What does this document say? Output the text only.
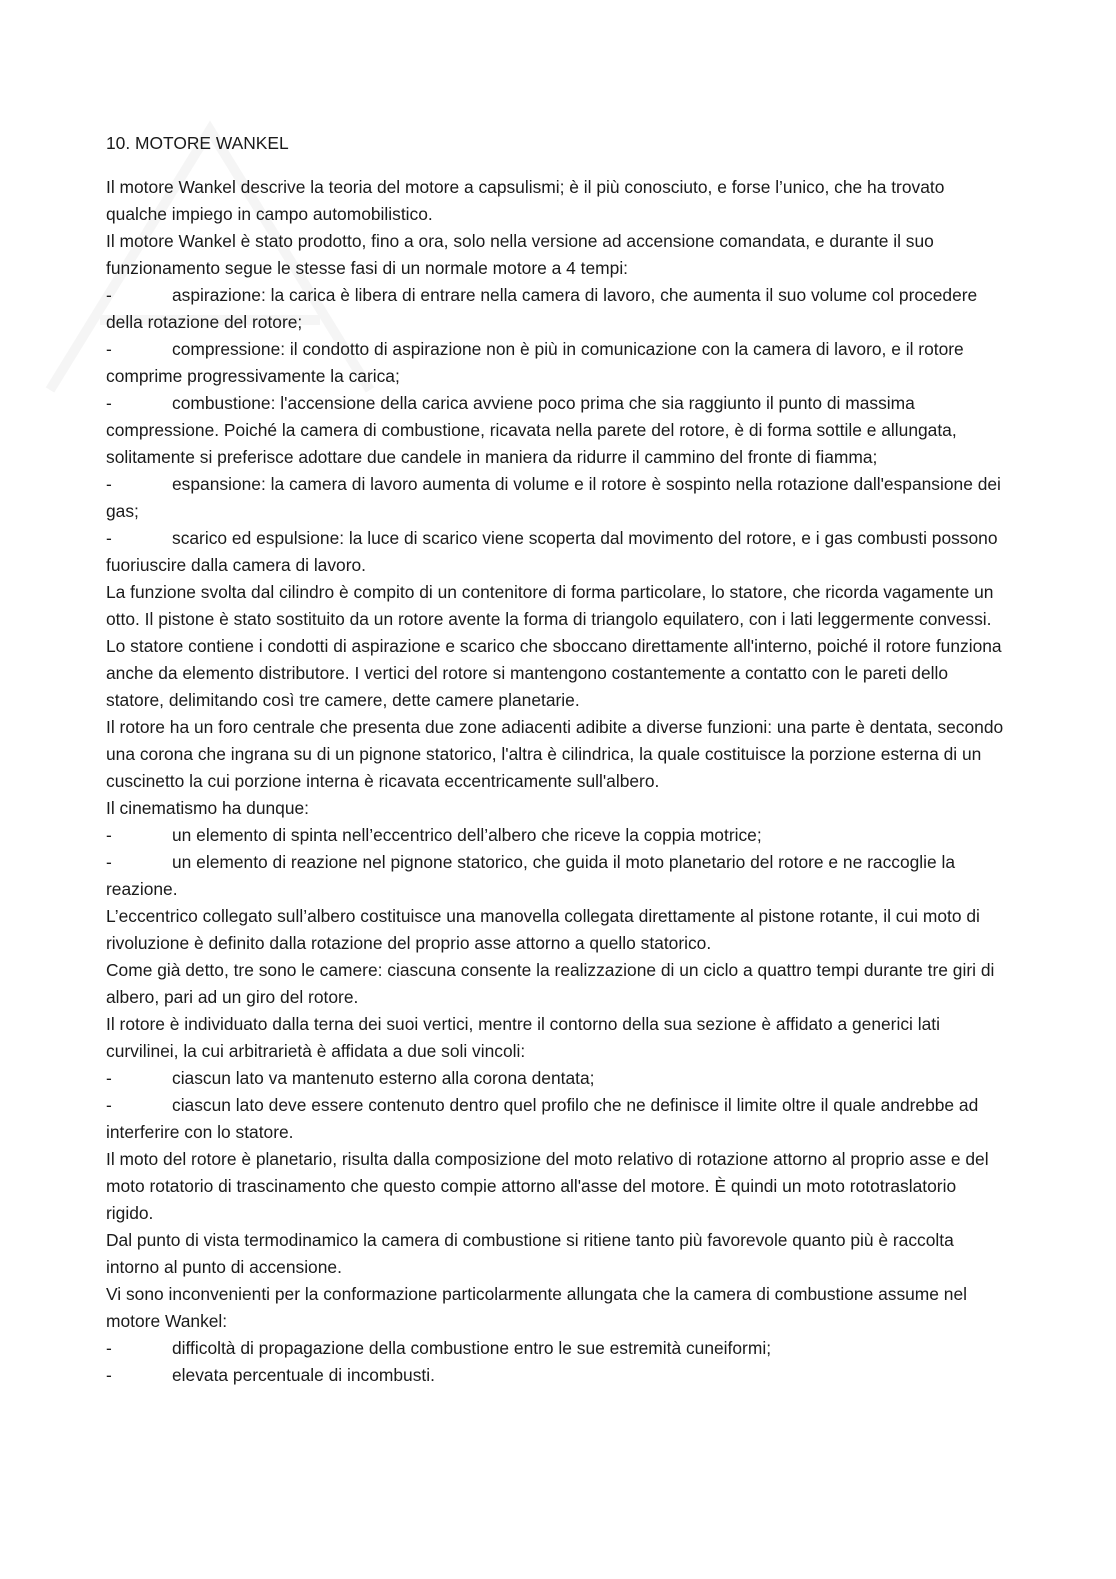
10. MOTORE WANKEL
Il motore Wankel descrive la teoria del motore a capsulismi; è il più conosciuto, e forse l’unico, che ha trovato qualche impiego in campo automobilistico.
Il motore Wankel è stato prodotto, fino a ora, solo nella versione ad accensione comandata, e durante il suo funzionamento segue le stesse fasi di un normale motore a 4 tempi:
-	aspirazione: la carica è libera di entrare nella camera di lavoro, che aumenta il suo volume col procedere della rotazione del rotore;
-	compressione: il condotto di aspirazione non è più in comunicazione con la camera di lavoro, e il rotore comprime progressivamente la carica;
-	combustione: l'accensione della carica avviene poco prima che sia raggiunto il punto di massima compressione. Poiché la camera di combustione, ricavata nella parete del rotore, è di forma sottile e allungata, solitamente si preferisce adottare due candele in maniera da ridurre il cammino del fronte di fiamma;
-	espansione: la camera di lavoro aumenta di volume e il rotore è sospinto nella rotazione dall'espansione dei gas;
-	scarico ed espulsione: la luce di scarico viene scoperta dal movimento del rotore, e i gas combusti possono fuoriuscire dalla camera di lavoro.
La funzione svolta dal cilindro è compito di un contenitore di forma particolare, lo statore, che ricorda vagamente un otto. Il pistone è stato sostituito da un rotore avente la forma di triangolo equilatero, con i lati leggermente convessi. Lo statore contiene i condotti di aspirazione e scarico che sboccano direttamente all'interno, poiché il rotore funziona anche da elemento distributore. I vertici del rotore si mantengono costantemente a contatto con le pareti dello statore, delimitando così tre camere, dette camere planetarie.
Il rotore ha un foro centrale che presenta due zone adiacenti adibite a diverse funzioni: una parte è dentata, secondo una corona che ingrana su di un pignone statorico, l'altra è cilindrica, la quale costituisce la porzione esterna di un cuscinetto la cui porzione interna è ricavata eccentricamente sull'albero.
Il cinematismo ha dunque:
-	un elemento di spinta nell’eccentrico dell’albero che riceve la coppia motrice;
-	un elemento di reazione nel pignone statorico, che guida il moto planetario del rotore e ne raccoglie la reazione.
L’eccentrico collegato sull’albero costituisce una manovella collegata direttamente al pistone rotante, il cui moto di rivoluzione è definito dalla rotazione del proprio asse attorno a quello statorico.
Come già detto, tre sono le camere: ciascuna consente la realizzazione di un ciclo a quattro tempi durante tre giri di albero, pari ad un giro del rotore.
Il rotore è individuato dalla terna dei suoi vertici, mentre il contorno della sua sezione è affidato a generici lati curvilinei, la cui arbitrarietà è affidata a due soli vincoli:
-	ciascun lato va mantenuto esterno alla corona dentata;
-	ciascun lato deve essere contenuto dentro quel profilo che ne definisce il limite oltre il quale andrebbe ad interferire con lo statore.
Il moto del rotore è planetario, risulta dalla composizione del moto relativo di rotazione attorno al proprio asse e del moto rotatorio di trascinamento che questo compie attorno all'asse del motore. È quindi un moto rototraslatorio rigido.
Dal punto di vista termodinamico la camera di combustione si ritiene tanto più favorevole quanto più è raccolta intorno al punto di accensione.
Vi sono inconvenienti per la conformazione particolarmente allungata che la camera di combustione assume nel motore Wankel:
-	difficoltà di propagazione della combustione entro le sue estremità cuneiformi;
-	elevata percentuale di incombusti.
